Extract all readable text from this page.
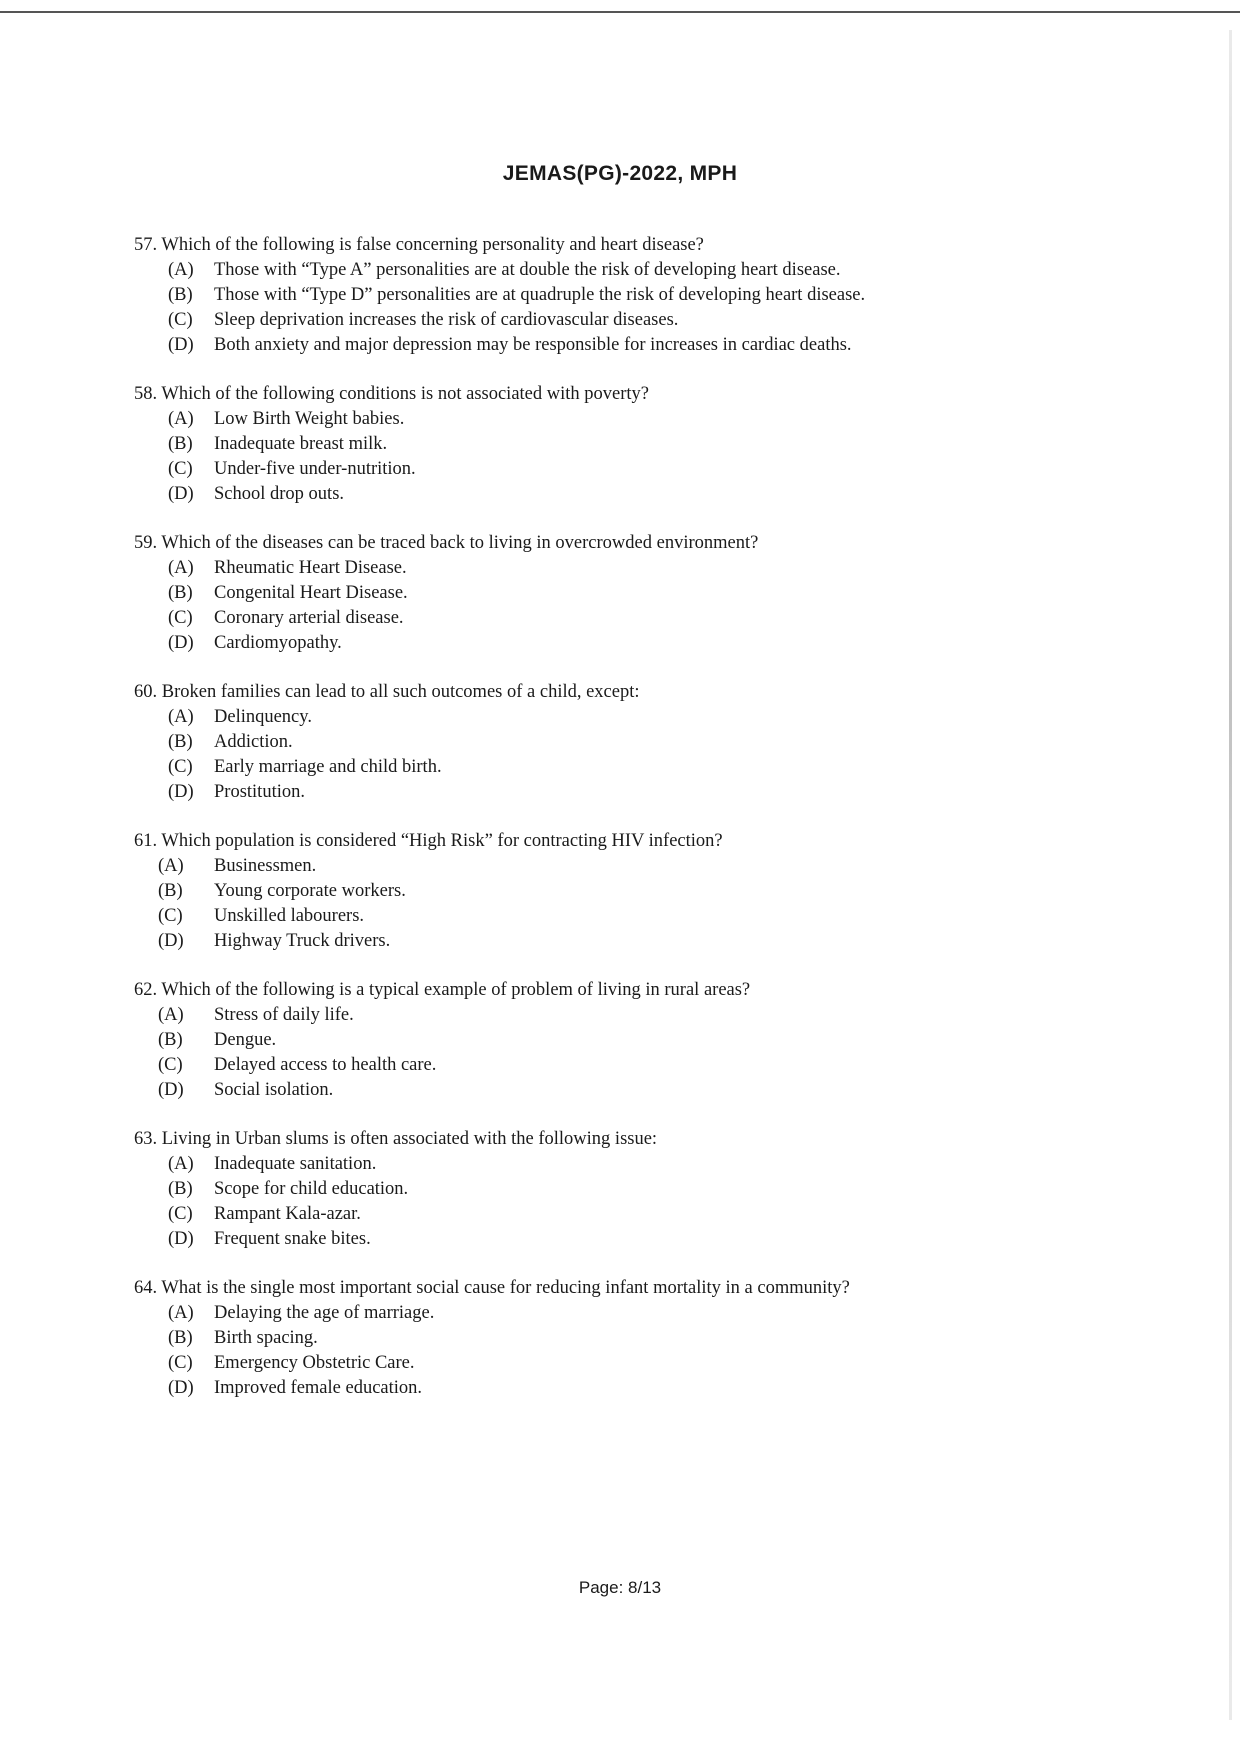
JEMAS(PG)-2022, MPH
57. Which of the following is false concerning personality and heart disease?
(A) Those with “Type A” personalities are at double the risk of developing heart disease.
(B) Those with “Type D” personalities are at quadruple the risk of developing heart disease.
(C) Sleep deprivation increases the risk of cardiovascular diseases.
(D) Both anxiety and major depression may be responsible for increases in cardiac deaths.
58. Which of the following conditions is not associated with poverty?
(A) Low Birth Weight babies.
(B) Inadequate breast milk.
(C) Under-five under-nutrition.
(D) School drop outs.
59. Which of the diseases can be traced back to living in overcrowded environment?
(A) Rheumatic Heart Disease.
(B) Congenital Heart Disease.
(C) Coronary arterial disease.
(D) Cardiomyopathy.
60. Broken families can lead to all such outcomes of a child, except:
(A) Delinquency.
(B) Addiction.
(C) Early marriage and child birth.
(D) Prostitution.
61. Which population is considered “High Risk” for contracting HIV infection?
(A) Businessmen.
(B) Young corporate workers.
(C) Unskilled labourers.
(D) Highway Truck drivers.
62. Which of the following is a typical example of problem of living in rural areas?
(A) Stress of daily life.
(B) Dengue.
(C) Delayed access to health care.
(D) Social isolation.
63. Living in Urban slums is often associated with the following issue:
(A) Inadequate sanitation.
(B) Scope for child education.
(C) Rampant Kala-azar.
(D) Frequent snake bites.
64. What is the single most important social cause for reducing infant mortality in a community?
(A) Delaying the age of marriage.
(B) Birth spacing.
(C) Emergency Obstetric Care.
(D) Improved female education.
Page: 8/13
